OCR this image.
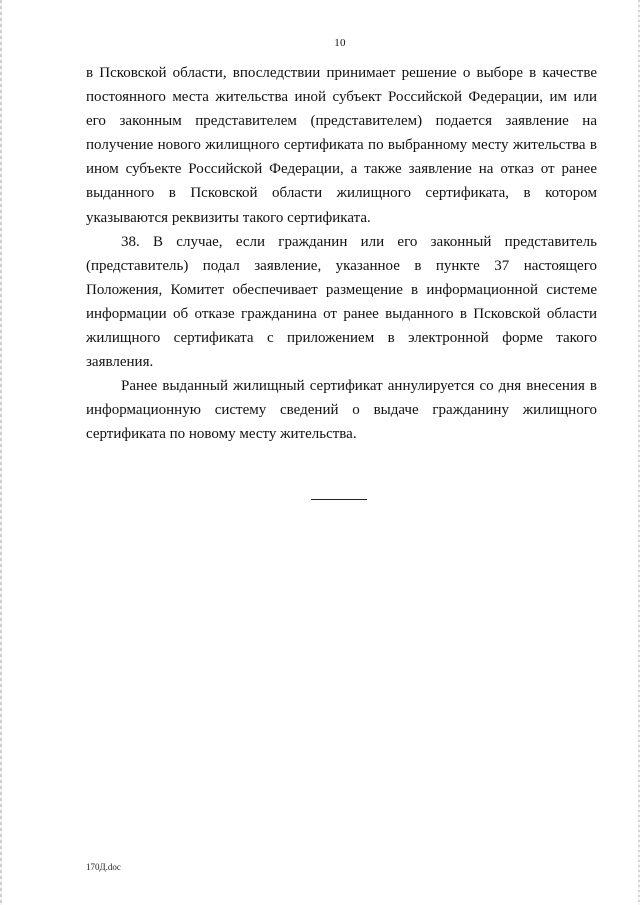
10

в Псковской области, впоследствии принимает решение о выборе в качестве постоянного места жительства иной субъект Российской Федерации, им или его законным представителем (представителем) подается заявление на получение нового жилищного сертификата по выбранному месту жительства в ином субъекте Российской Федерации, а также заявление на отказ от ранее выданного в Псковской области жилищного сертификата, в котором указываются реквизиты такого сертификата.

38. В случае, если гражданин или его законный представитель (представитель) подал заявление, указанное в пункте 37 настоящего Положения, Комитет обеспечивает размещение в информационной системе информации об отказе гражданина от ранее выданного в Псковской области жилищного сертификата с приложением в электронной форме такого заявления.

Ранее выданный жилищный сертификат аннулируется со дня внесения в информационную систему сведений о выдаче гражданину жилищного сертификата по новому месту жительства.

170Д.doc
